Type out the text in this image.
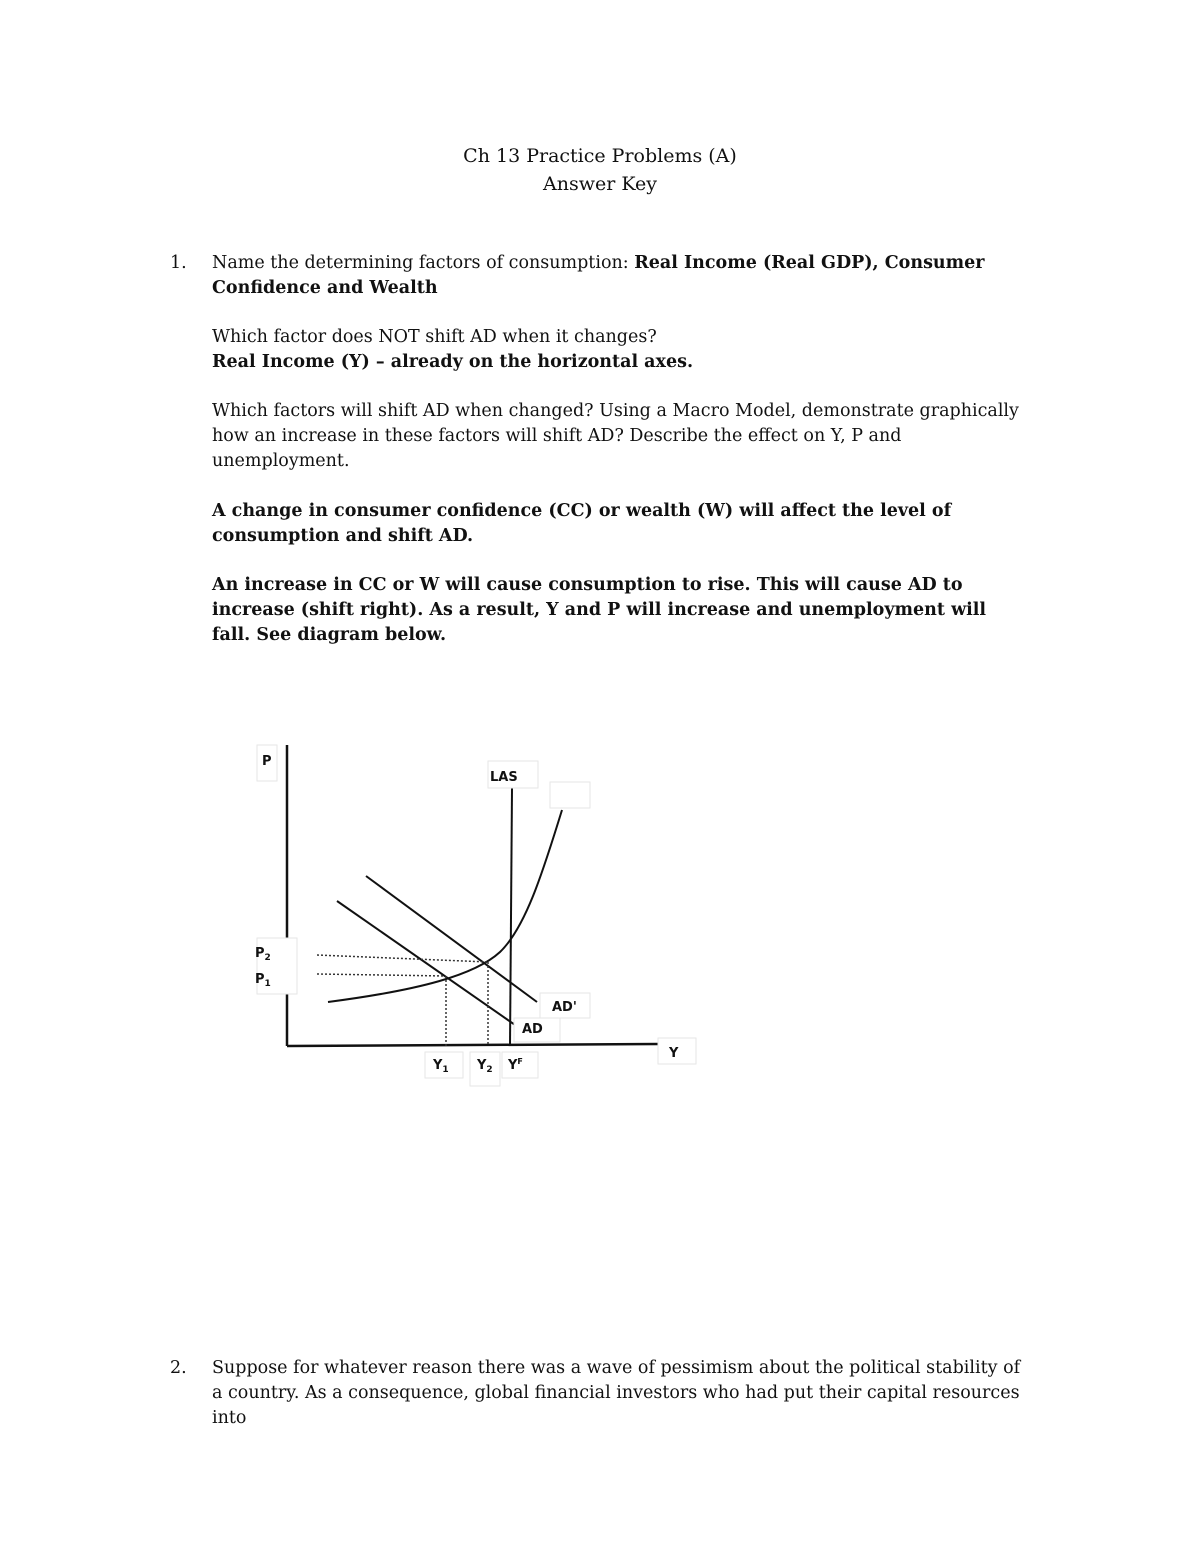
Ch 13 Practice Problems (A)
Answer Key
1. Name the determining factors of consumption: Real Income (Real GDP), Consumer Confidence and Wealth
Which factor does NOT shift AD when it changes?
Real Income (Y) – already on the horizontal axes.
Which factors will shift AD when changed? Using a Macro Model, demonstrate graphically how an increase in these factors will shift AD? Describe the effect on Y, P and unemployment.
A change in consumer confidence (CC) or wealth (W) will affect the level of consumption and shift AD.
An increase in CC or W will cause consumption to rise. This will cause AD to increase (shift right). As a result, Y and P will increase and unemployment will fall. See diagram below.
P
LAS
Y
AD'
AD
$P_2$
$P_1$
$Y_1$ $Y_2$ $Y^F$
2. Suppose for whatever reason there was a wave of pessimism about the political stability of a country. As a consequence, global financial investors who had put their capital resources into
